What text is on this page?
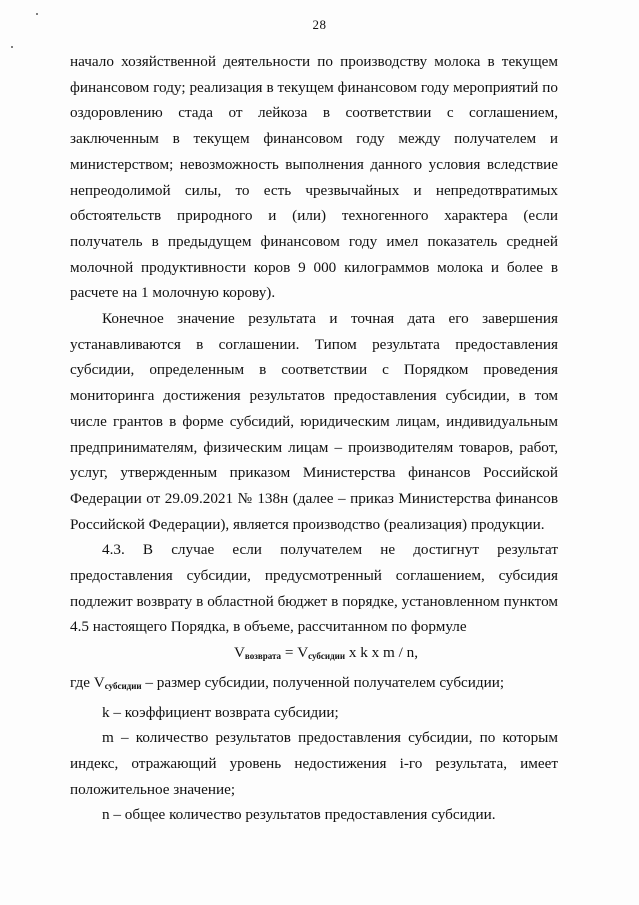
28

начало хозяйственной деятельности по производству молока в текущем финансовом году; реализация в текущем финансовом году мероприятий по оздоровлению стада от лейкоза в соответствии с соглашением, заключенным в текущем финансовом году между получателем и министерством; невозможность выполнения данного условия вследствие непреодолимой силы, то есть чрезвычайных и непредотвратимых обстоятельств природного и (или) техногенного характера (если получатель в предыдущем финансовом году имел показатель средней молочной продуктивности коров 9 000 килограммов молока и более в расчете на 1 молочную корову).

Конечное значение результата и точная дата его завершения устанавливаются в соглашении. Типом результата предоставления субсидии, определенным в соответствии с Порядком проведения мониторинга достижения результатов предоставления субсидии, в том числе грантов в форме субсидий, юридическим лицам, индивидуальным предпринимателям, физическим лицам – производителям товаров, работ, услуг, утвержденным приказом Министерства финансов Российской Федерации от 29.09.2021 № 138н (далее – приказ Министерства финансов Российской Федерации), является производство (реализация) продукции.

4.3. В случае если получателем не достигнут результат предоставления субсидии, предусмотренный соглашением, субсидия подлежит возврату в областной бюджет в порядке, установленном пунктом 4.5 настоящего Порядка, в объеме, рассчитанном по формуле

$V_{возврата} = V_{субсидии}$ x k x m / n,

где $V_{субсидии}$ – размер субсидии, полученной получателем субсидии;

k – коэффициент возврата субсидии;

m – количество результатов предоставления субсидии, по которым индекс, отражающий уровень недостижения i-го результата, имеет положительное значение;

n – общее количество результатов предоставления субсидии.
